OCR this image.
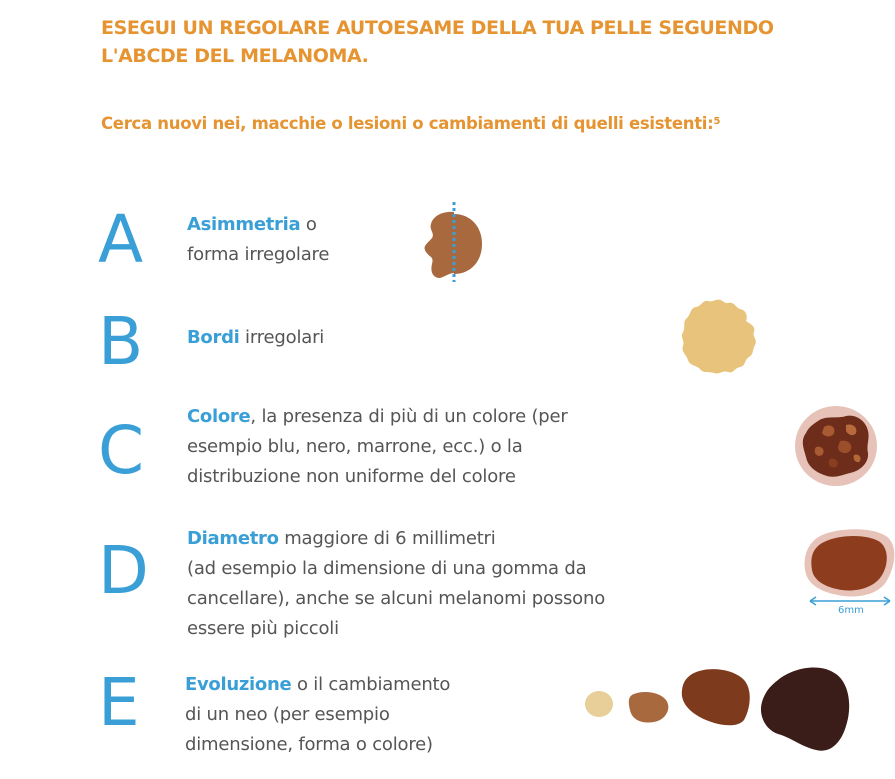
ESEGUI UN REGOLARE AUTOESAME DELLA TUA PELLE SEGUENDO
L'ABCDE DEL MELANOMA.

Cerca nuovi nei, macchie o lesioni o cambiamenti di quelli esistenti:$^5$

A Asimmetria o
forma irregolare

B Bordi irregolari

C Colore, la presenza di più di un colore (per
esempio blu, nero, marrone, ecc.) o la
distribuzione non uniforme del colore

D Diametro maggiore di 6 millimetri
(ad esempio la dimensione di una gomma da
cancellare), anche se alcuni melanomi possono
essere più piccoli

6mm
E	Evoluzione o il cambiamento
di un neo (per esempio
dimensione, forma o colore)
